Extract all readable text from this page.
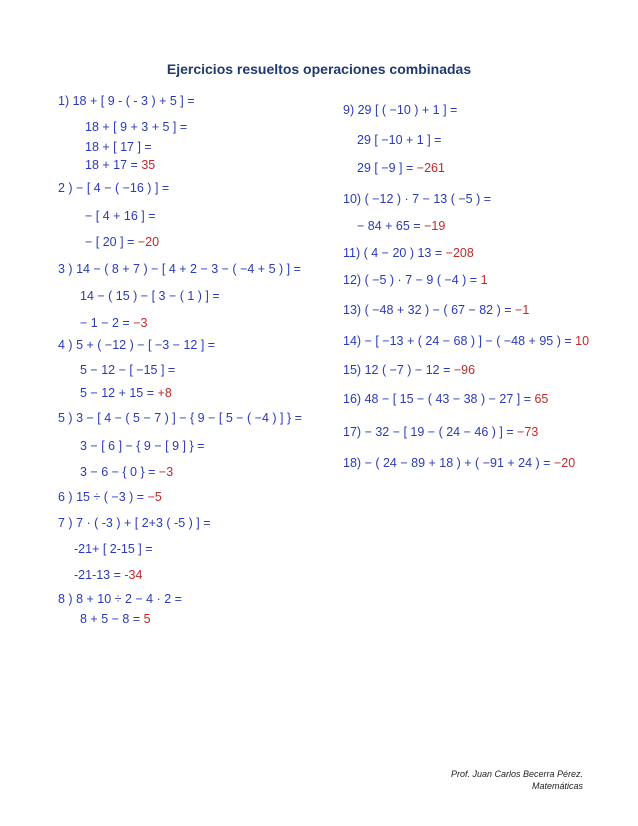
Ejercicios resueltos operaciones combinadas
1) 18 + [ 9 - ( - 3 ) + 5 ] =
18 + [ 9 + 3 + 5 ] =
18 + [ 17 ] =
18 + 17 = 35
2 ) − [ 4 − ( −16 ) ] =
− [ 4 + 16 ] =
− [ 20 ] = −20
3 ) 14 − ( 8 + 7 ) − [ 4 + 2 − 3 − ( −4 + 5 ) ] =
14 − ( 15 ) − [ 3 − ( 1 ) ] =
− 1 − 2 = −3
4 ) 5 + ( −12 ) − [ −3 − 12 ] =
5 − 12 − [ −15 ] =
5 − 12 + 15 = +8
5 ) 3 − [ 4 − ( 5 − 7 ) ] − { 9 − [ 5 − ( −4 ) ] } =
3 − [ 6 ] − { 9 − [ 9 ] } =
3 − 6 − { 0 } = −3
6 ) 15 ÷ ( −3 ) = −5
7 ) 7 · ( -3 ) + [ 2+3 ( -5 ) ] =
-21+ [ 2-15 ] =
-21-13 = -34
8 ) 8 + 10 ÷ 2 − 4 · 2 =
8 + 5 − 8 = 5
9) 29 [ ( −10 ) + 1 ] =
29 [ −10 + 1 ] =
29 [ −9 ] = −261
10) ( −12 ) · 7 − 13 ( −5 ) =
− 84 + 65 = −19
11) ( 4 − 20 ) 13 = −208
12) ( −5 ) · 7 − 9 ( −4 ) = 1
13) ( −48 + 32 ) − ( 67 − 82 ) = −1
14) − [ −13 + ( 24 − 68 ) ] − ( −48 + 95 ) = 10
15) 12 ( −7 ) − 12 = −96
16) 48 − [ 15 − ( 43 − 38 ) − 27 ] = 65
17) − 32 − [ 19 − ( 24 − 46 ) ] = −73
18) − ( 24 − 89 + 18 ) + ( −91 + 24 ) = −20
Prof. Juan Carlos Becerra Pérez.
Matemáticas
